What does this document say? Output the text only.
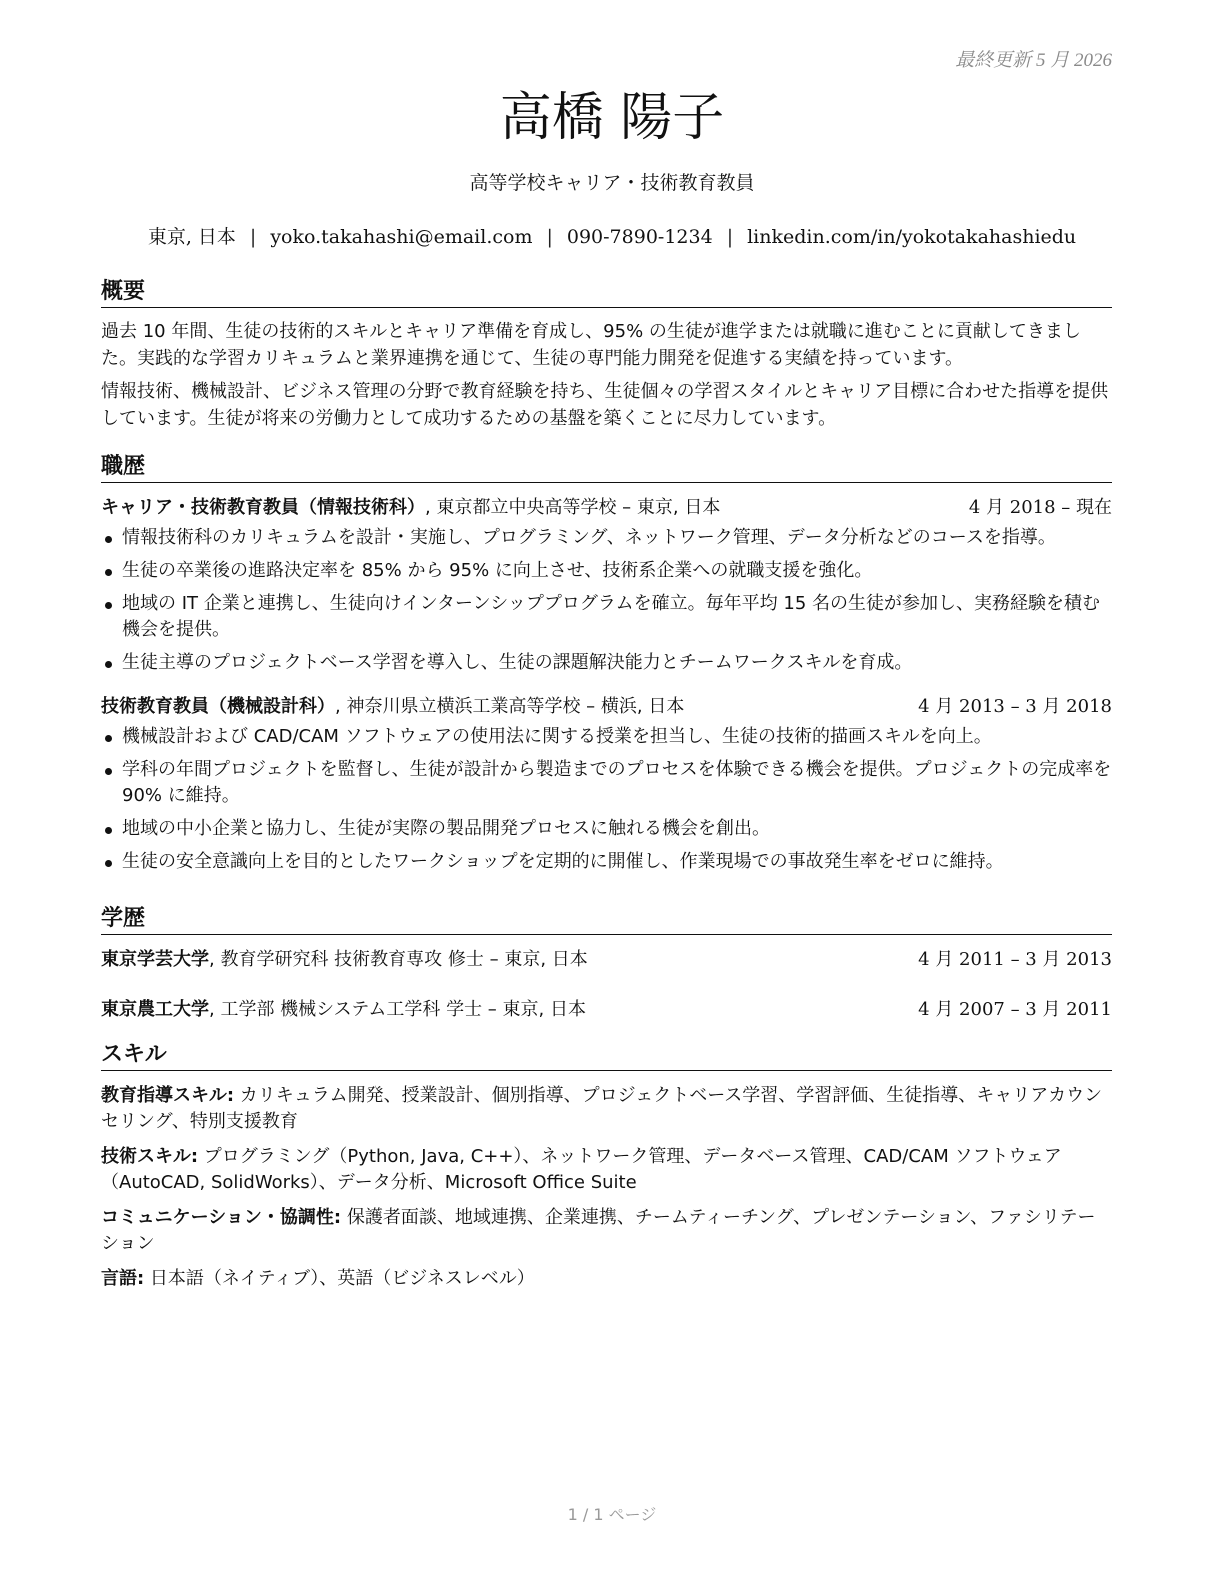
最終更新 5 月 2026
高橋 陽子
高等学校キャリア・技術教育教員
東京, 日本 | yoko.takahashi@email.com | 090-7890-1234 | linkedin.com/in/yokotakahashiedu
概要

過去 10 年間、生徒の技術的スキルとキャリア準備を育成し、95% の生徒が進学または就職に進むことに貢献してきました。実践的な学習カリキュラムと業界連携を通じて、生徒の専門能力開発を促進する実績を持っています。

情報技術、機械設計、ビジネス管理の分野で教育経験を持ち、生徒個々の学習スタイルとキャリア目標に合わせた指導を提供しています。生徒が将来の労働力として成功するための基盤を築くことに尽力しています。

職歴
キャリア・技術教育教員（情報技術科）, 東京都立中央高等学校 – 東京, 日本	4 月 2018 – 現在
情報技術科のカリキュラムを設計・実施し、プログラミング、ネットワーク管理、データ分析などのコースを指導。
生徒の卒業後の進路決定率を 85% から 95% に向上させ、技術系企業への就職支援を強化。
地域の IT 企業と連携し、生徒向けインターンシッププログラムを確立。毎年平均 15 名の生徒が参加し、実務経験を積む機会を提供。
生徒主導のプロジェクトベース学習を導入し、生徒の課題解決能力とチームワークスキルを育成。
技術教育教員（機械設計科）, 神奈川県立横浜工業高等学校 – 横浜, 日本	4 月 2013 – 3 月 2018
機械設計および CAD/CAM ソフトウェアの使用法に関する授業を担当し、生徒の技術的描画スキルを向上。
学科の年間プロジェクトを監督し、生徒が設計から製造までのプロセスを体験できる機会を提供。プロジェクトの完成率を 90% に維持。
地域の中小企業と協力し、生徒が実際の製品開発プロセスに触れる機会を創出。
生徒の安全意識向上を目的としたワークショップを定期的に開催し、作業現場での事故発生率をゼロに維持。
学歴
東京学芸大学, 教育学研究科 技術教育専攻 修士 – 東京, 日本	4 月 2011 – 3 月 2013
東京農工大学, 工学部 機械システム工学科 学士 – 東京, 日本	4 月 2007 – 3 月 2011
スキル

教育指導スキル: カリキュラム開発、授業設計、個別指導、プロジェクトベース学習、学習評価、生徒指導、キャリアカウンセリング、特別支援教育

技術スキル: プログラミング（Python, Java, C++）、ネットワーク管理、データベース管理、CAD/CAM ソフトウェア（AutoCAD, SolidWorks）、データ分析、Microsoft Office Suite

コミュニケーション・協調性: 保護者面談、地域連携、企業連携、チームティーチング、プレゼンテーション、ファシリテーション

言語: 日本語（ネイティブ）、英語（ビジネスレベル）

1 / 1 ページ
